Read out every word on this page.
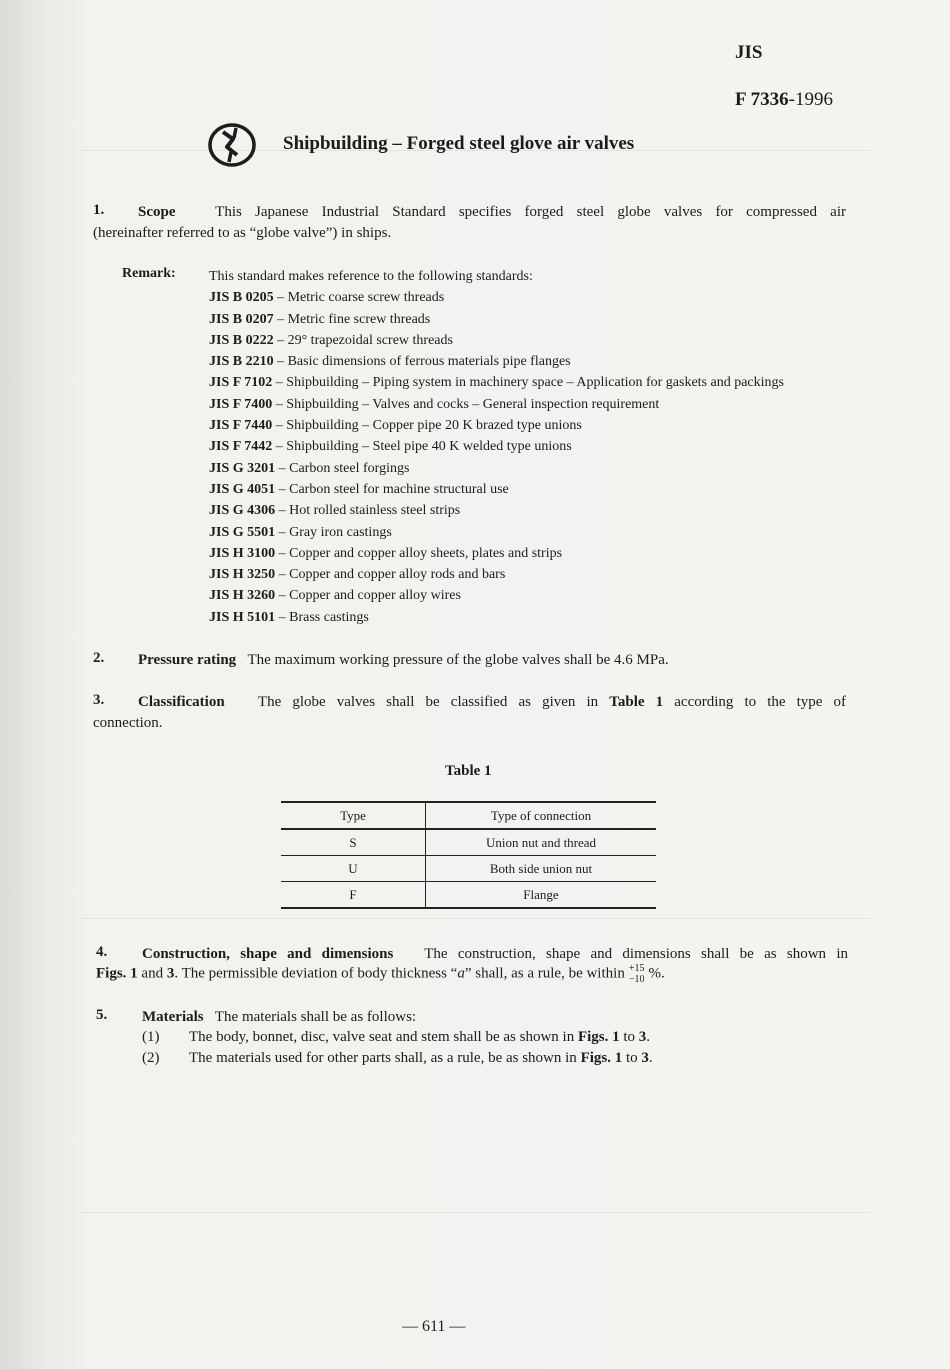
JIS
F 7336-1996
Shipbuilding – Forged steel glove air valves
1. Scope	This Japanese Industrial Standard specifies forged steel globe valves for compressed air
(hereinafter referred to as “globe valve”) in ships.
Remark: This standard makes reference to the following standards:
JIS B 0205 – Metric coarse screw threads
JIS B 0207 – Metric fine screw threads
JIS B 0222 – 29° trapezoidal screw threads
JIS B 2210 – Basic dimensions of ferrous materials pipe flanges
JIS F 7102 – Shipbuilding – Piping system in machinery space – Application for gaskets and packings
JIS F 7400 – Shipbuilding – Valves and cocks – General inspection requirement
JIS F 7440 – Shipbuilding – Copper pipe 20 K brazed type unions
JIS F 7442 – Shipbuilding – Steel pipe 40 K welded type unions
JIS G 3201 – Carbon steel forgings
JIS G 4051 – Carbon steel for machine structural use
JIS G 4306 – Hot rolled stainless steel strips
JIS G 5501 – Gray iron castings
JIS H 3100 – Copper and copper alloy sheets, plates and strips
JIS H 3250 – Copper and copper alloy rods and bars
JIS H 3260 – Copper and copper alloy wires
JIS H 5101 – Brass castings
2. Pressure rating The maximum working pressure of the globe valves shall be 4.6 MPa.
3. Classification The globe valves shall be classified as given in Table 1 according to the type of
connection.
Table 1
Type	Type of connection
S	Union nut and thread
U	Both side union nut
F	Flange
4. Construction, shape and dimensions The construction, shape and dimensions shall be as shown in
Figs. 1 and 3. The permissible deviation of body thickness “a” shall, as a rule, be within +15
−10 %.
5. Materials The materials shall be as follows:
(1) The body, bonnet, disc, valve seat and stem shall be as shown in Figs. 1 to 3.
(2) The materials used for other parts shall, as a rule, be as shown in Figs. 1 to 3.
— 611 —
